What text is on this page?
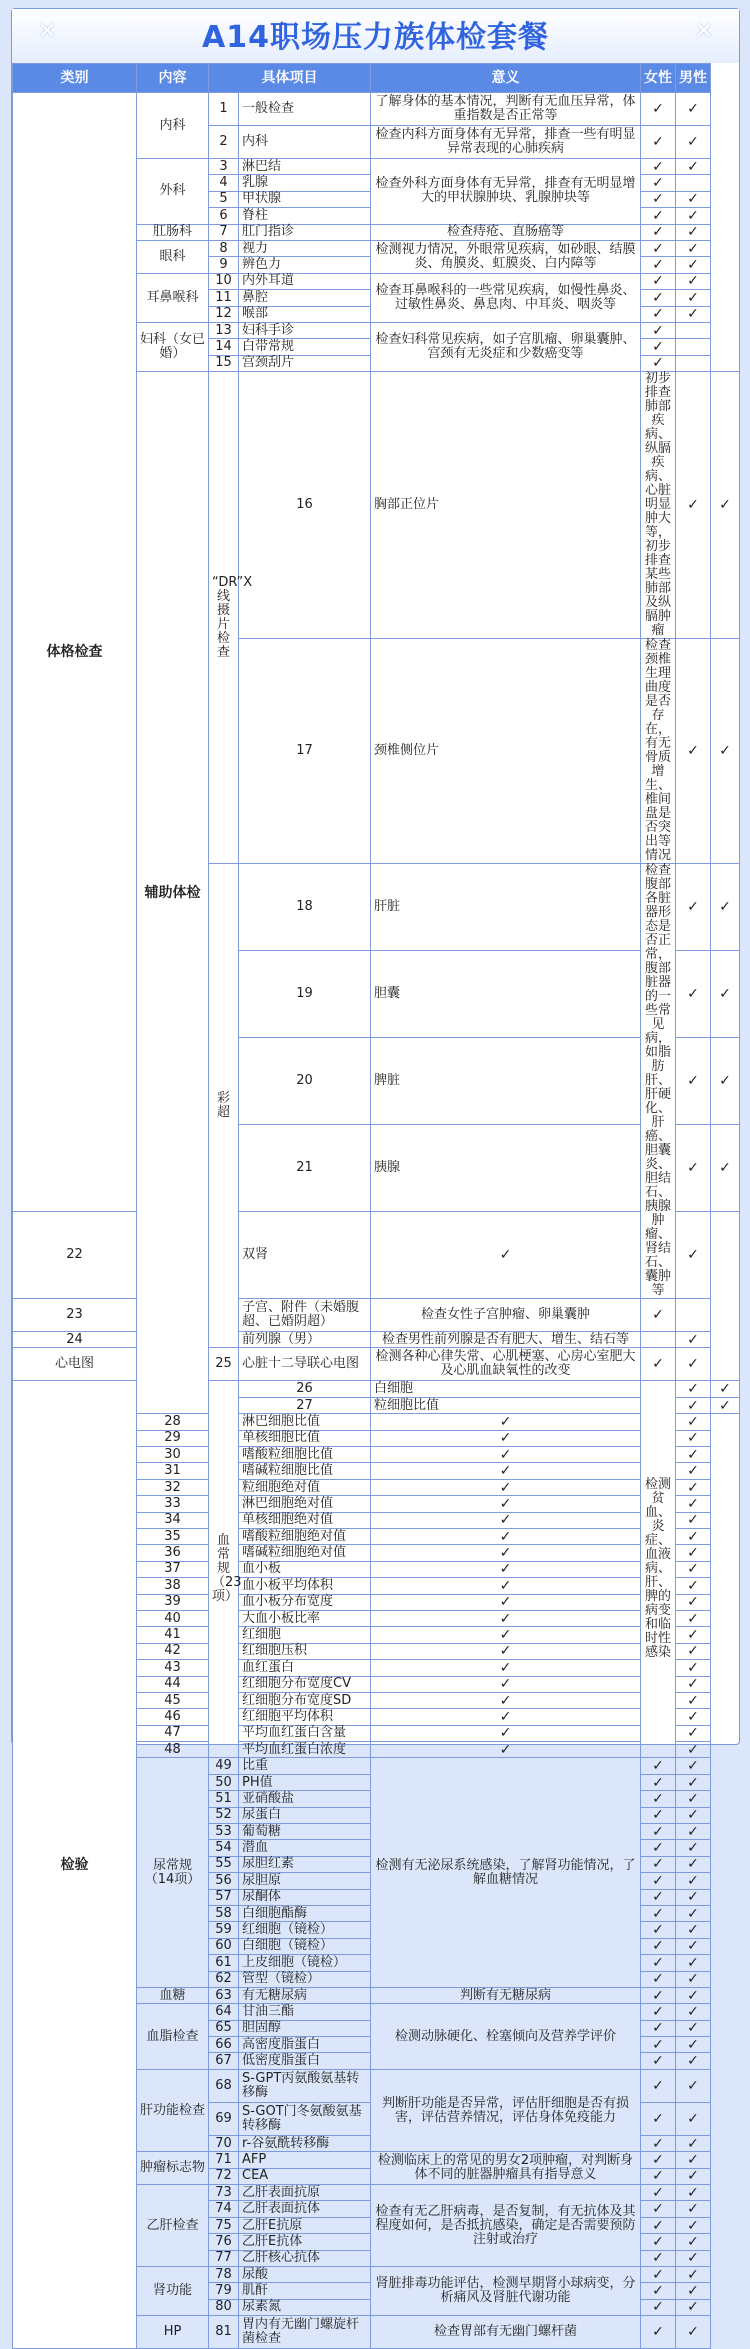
✕	A14职场压力族体检套餐	✕
类别	内容	具体项目		意义	女性	男性	
体格检查	内科	1	一般检查	了解身体的基本情况，判断有无血压异常，体重指数是否正常等	✓	✓	
		2	内科	检查内科方面身体有无异常，排查一些有明显异常表现的心肺疾病	✓	✓	
	外科	3	淋巴结	检查外科方面身体有无异常，排查有无明显增大的甲状腺肿块、乳腺肿块等	✓	✓	
		4	乳腺		✓		
		5	甲状腺		✓	✓	
		6	脊柱		✓	✓	
	肛肠科	7	肛门指诊	检查痔疮、直肠癌等	✓	✓	
	眼科	8	视力	检测视力情况，外眼常见疾病，如砂眼、结膜炎、角膜炎、虹膜炎、白内障等	✓	✓	
		9	辨色力		✓	✓	
	耳鼻喉科	10	内外耳道	检查耳鼻喉科的一些常见疾病，如慢性鼻炎、过敏性鼻炎、鼻息肉、中耳炎、咽炎等	✓	✓	
		11	鼻腔		✓	✓	
		12	喉部		✓	✓	
	妇科（女已婚）	13	妇科手诊	检查妇科常见疾病，如子宫肌瘤、卵巢囊肿、宫颈有无炎症和少数癌变等	✓		
		14	白带常规		✓		
		15	宫颈刮片		✓		
	辅助体检	“DR”X线摄片检查	16	胸部正位片	初步排查肺部疾病、纵膈疾病、心脏明显肿大等，初步排查某些肺部及纵膈肿瘤	✓	✓
			17	颈椎侧位片	检查颈椎生理曲度是否存在，有无骨质增生、椎间盘是否突出等情况	✓	✓
		彩超	18	肝脏	检查腹部各脏器形态是否正常，腹部脏器的一些常见病，如脂肪肝、肝硬化、肝癌、胆囊炎、胆结石、胰腺肿瘤、肾结石、囊肿等	✓	✓
			19	胆囊		✓	✓
			20	脾脏		✓	✓
			21	胰腺		✓	✓
22			双肾	✓		✓	
23			子宫、附件（未婚腹超、已婚阴超）	检查女性子宫肿瘤、卵巢囊肿	✓		
24			前列腺（男）	检查男性前列腺是否有肥大、增生、结石等		✓	
心电图		25	心脏十二导联心电图	检测各种心律失常、心肌梗塞、心房心室肥大及心肌血缺氧性的改变	✓	✓	
检验		血常规（23项）	26	白细胞	检测贫血、炎症、血液病、肝、脾的病变和临时性感染	✓	✓
			27	粒细胞比值		✓	✓
	28		淋巴细胞比值	✓		✓	
	29		单核细胞比值	✓		✓	
	30		嗜酸粒细胞比值	✓		✓	
	31		嗜碱粒细胞比值	✓		✓	
	32		粒细胞绝对值	✓		✓	
	33		淋巴细胞绝对值	✓		✓	
	34		单核细胞绝对值	✓		✓	
	35		嗜酸粒细胞绝对值	✓		✓	
	36		嗜碱粒细胞绝对值	✓		✓	
	37		血小板	✓		✓	
	38		血小板平均体积	✓		✓	
	39		血小板分布宽度	✓		✓	
	40		大血小板比率	✓		✓	
	41		红细胞	✓		✓	
	42		红细胞压积	✓		✓	
	43		血红蛋白	✓		✓	
	44		红细胞分布宽度CV	✓		✓	
	45		红细胞分布宽度SD	✓		✓	
	46		红细胞平均体积	✓		✓	
	47		平均血红蛋白含量	✓		✓	
	48		平均血红蛋白浓度	✓		✓	
	尿常规（14项）	49	比重	检测有无泌尿系统感染，了解肾功能情况，了解血糖情况	✓	✓	
		50	PH值		✓	✓	
		51	亚硝酸盐		✓	✓	
		52	尿蛋白		✓	✓	
		53	葡萄糖		✓	✓	
		54	潜血		✓	✓	
		55	尿胆红素		✓	✓	
		56	尿胆原		✓	✓	
		57	尿酮体		✓	✓	
		58	白细胞酯酶		✓	✓	
		59	红细胞（镜检）		✓	✓	
		60	白细胞（镜检）		✓	✓	
		61	上皮细胞（镜检）		✓	✓	
		62	管型（镜检）		✓	✓	
	血糖	63	有无糖尿病	判断有无糖尿病	✓	✓	
	血脂检查	64	甘油三酯	检测动脉硬化、栓塞倾向及营养学评价	✓	✓	
		65	胆固醇		✓	✓	
		66	高密度脂蛋白		✓	✓	
		67	低密度脂蛋白		✓	✓	
	肝功能检查	68	S-GPT丙氨酸氨基转移酶	判断肝功能是否异常，评估肝细胞是否有损害，评估营养情况，评估身体免疫能力	✓	✓	
		69	S-GOT门冬氨酸氨基转移酶		✓	✓	
		70	r-谷氨酰转移酶		✓	✓	
	肿瘤标志物	71	AFP	检测临床上的常见的男女2项肿瘤，对判断身体不同的脏器肿瘤具有指导意义	✓	✓	
		72	CEA		✓	✓	
	乙肝检查	73	乙肝表面抗原	检查有无乙肝病毒，是否复制，有无抗体及其程度如何，是否抵抗感染，确定是否需要预防注射或治疗	✓	✓	
		74	乙肝表面抗体		✓	✓	
		75	乙肝E抗原		✓	✓	
		76	乙肝E抗体		✓	✓	
		77	乙肝核心抗体		✓	✓	
	肾功能	78	尿酸	肾脏排毒功能评估，检测早期肾小球病变，分析痛风及肾脏代谢功能	✓	✓	
		79	肌酐		✓	✓	
		80	尿素氮		✓	✓	
	HP	81	胃内有无幽门螺旋杆菌检查	检查胃部有无幽门螺杆菌	✓	✓	
